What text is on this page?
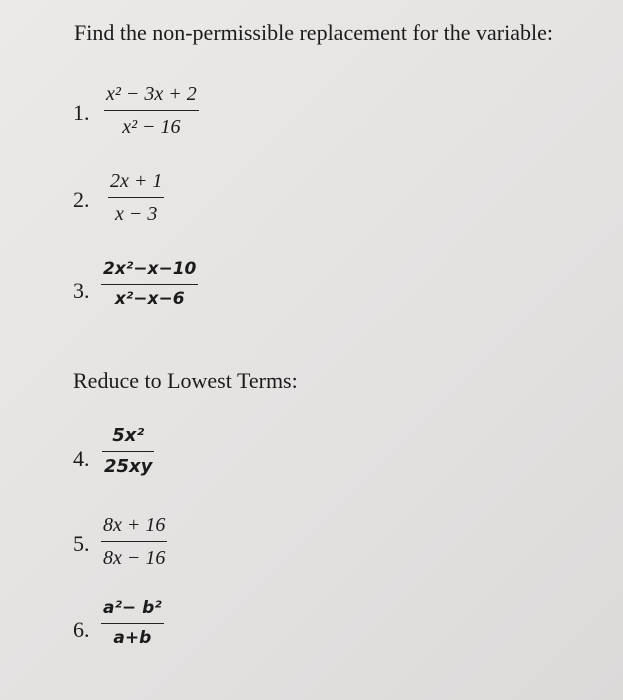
Find the non-permissible replacement for the variable:
1.
x² − 3x + 2
x² − 16
2.
2x + 1
x − 3
3.
2x²−x−10
x²−x−6
Reduce to Lowest Terms:
4.
5x²
25xy
5.
8x + 16
8x − 16
6.
a²− b²
a+b
